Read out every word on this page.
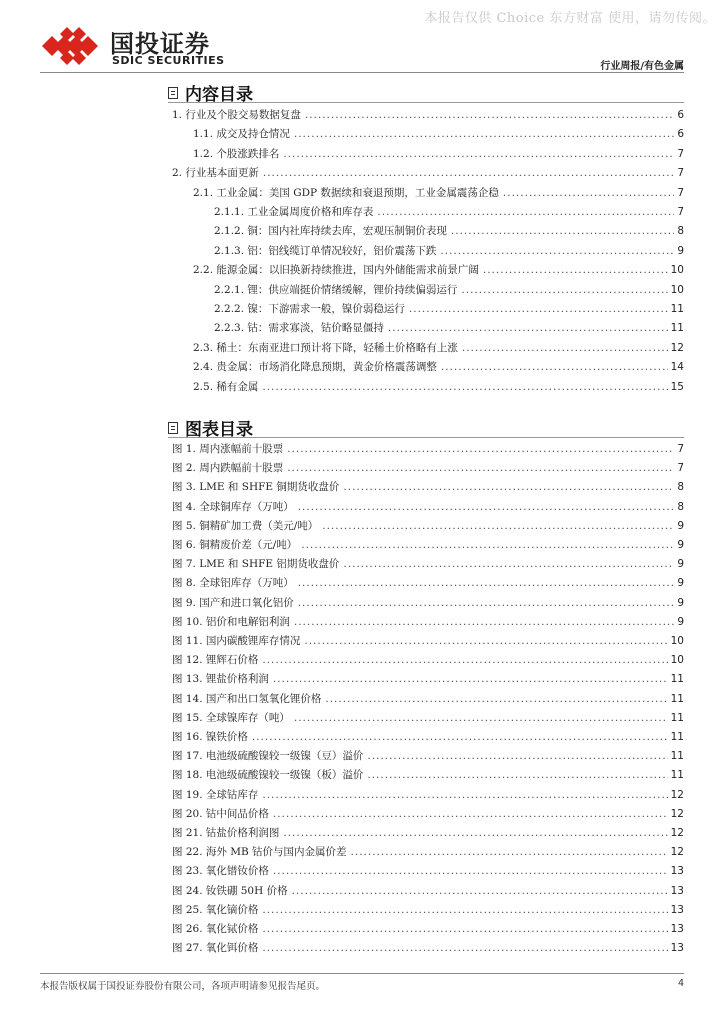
本报告仅供 Choice 东方财富 使用，请勿传阅。
国投证券
SDIC SECURITIES	行业周报/有色金属
内容目录
1. 行业及个股交易数据复盘 .....	6
1.1. 成交及持仓情况 .....	6
1.2. 个股涨跌排名 .....	7
2. 行业基本面更新 .....	7
2.1. 工业金属：美国 GDP 数据续和衰退预期，工业金属震荡企稳 .....	7
2.1.1. 工业金属周度价格和库存表 .....	7
2.1.2. 铜：国内社库持续去库，宏观压制铜价表现 .....	8
2.1.3. 铝：铝线缆订单情况较好，铝价震荡下跌 .....	9
2.2. 能源金属：以旧换新持续推进，国内外储能需求前景广阔 .....	10
2.2.1. 锂：供应端挺价情绪缓解，锂价持续偏弱运行 .....	10
2.2.2. 镍：下游需求一般，镍价弱稳运行 .....	11
2.2.3. 钴：需求寡淡，钴价略显僵持 .....	11
2.3. 稀土：东南亚进口预计将下降，轻稀土价格略有上涨 .....	12
2.4. 贵金属：市场消化降息预期，黄金价格震荡调整 .....	14
2.5. 稀有金属 .....	15
图表目录
图 1. 周内涨幅前十股票 .....	7
图 2. 周内跌幅前十股票 .....	7
图 3. LME 和 SHFE 铜期货收盘价 .....	8
图 4. 全球铜库存（万吨） .....	8
图 5. 铜精矿加工费（美元/吨） .....	9
图 6. 铜精废价差（元/吨） .....	9
图 7. LME 和 SHFE 铝期货收盘价 .....	9
图 8. 全球铝库存（万吨） .....	9
图 9. 国产和进口氧化铝价 .....	9
图 10. 铝价和电解铝利润 .....	9
图 11. 国内碳酸锂库存情况 .....	10
图 12. 锂辉石价格 .....	10
图 13. 锂盐价格利润 .....	11
图 14. 国产和出口氢氧化锂价格 .....	11
图 15. 全球镍库存（吨） .....	11
图 16. 镍铁价格 .....	11
图 17. 电池级硫酸镍较一级镍（豆）溢价 .....	11
图 18. 电池级硫酸镍较一级镍（板）溢价 .....	11
图 19. 全球钴库存 .....	12
图 20. 钴中间品价格 .....	12
图 21. 钴盐价格利润图 .....	12
图 22. 海外 MB 钴价与国内金属价差 .....	12
图 23. 氧化镨钕价格 .....	13
图 24. 钕铁硼 50H 价格 .....	13
图 25. 氧化镝价格 .....	13
图 26. 氧化铽价格 .....	13
图 27. 氧化铒价格 .....	13
本报告版权属于国投证券股份有限公司，各项声明请参见报告尾页。	4
